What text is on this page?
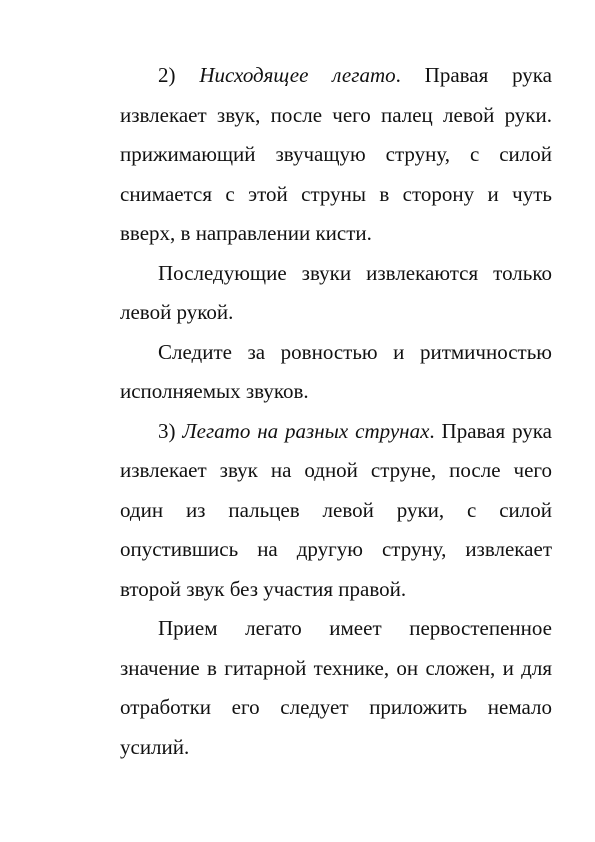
2) Нисходящее легато. Правая рука извлекает звук, после чего палец левой руки. прижимающий звучащую струну, с силой снимается с этой струны в сторону и чуть вверх, в направлении кисти.

Последующие звуки извлекаются только левой рукой.

Следите за ровностью и ритмичностью исполняемых звуков.

3) Легато на разных струнах. Правая рука извлекает звук на одной струне, после чего один из пальцев левой руки, с силой опустившись на другую струну, извлекает второй звук без участия правой.

Прием легато имеет первостепенное значение в гитарной технике, он сложен, и для отработки его следует приложить немало усилий.
